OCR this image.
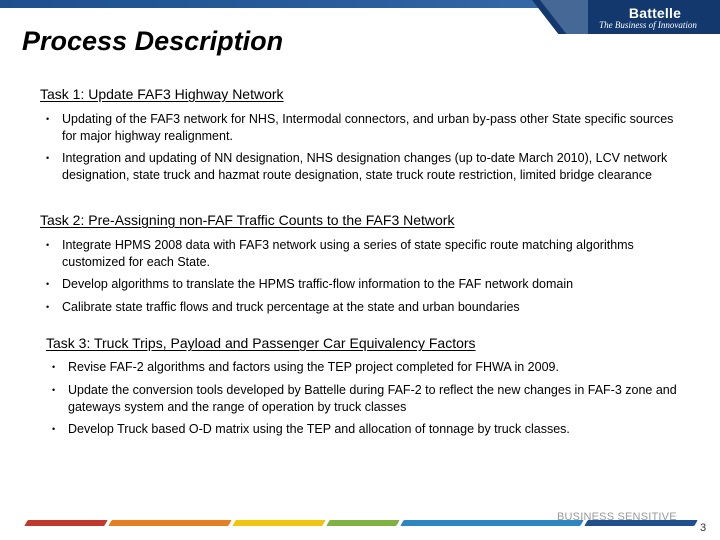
Battelle
The Business of Innovation
Process Description
Task 1: Update FAF3 Highway Network
• Updating of the FAF3 network for NHS, Intermodal connectors, and urban by-pass other State specific sources for major highway realignment.
• Integration and updating of NN designation, NHS designation changes (up to-date March 2010), LCV network designation, state truck and hazmat route designation, state truck route restriction, limited bridge clearance
Task 2: Pre-Assigning non-FAF Traffic Counts to the FAF3 Network
• Integrate HPMS 2008 data with FAF3 network using a series of state specific route matching algorithms customized for each State.
• Develop algorithms to translate the HPMS traffic-flow information to the FAF network domain
• Calibrate state traffic flows and truck percentage at the state and urban boundaries
Task 3: Truck Trips, Payload and Passenger Car Equivalency Factors
• Revise FAF-2 algorithms and factors using the TEP project completed for FHWA in 2009.
• Update the conversion tools developed by Battelle during FAF-2 to reflect the new changes in FAF-3 zone and gateways system and the range of operation by truck classes
• Develop Truck based O-D matrix using the TEP and allocation of tonnage by truck classes.
BUSINESS SENSITIVE
3
